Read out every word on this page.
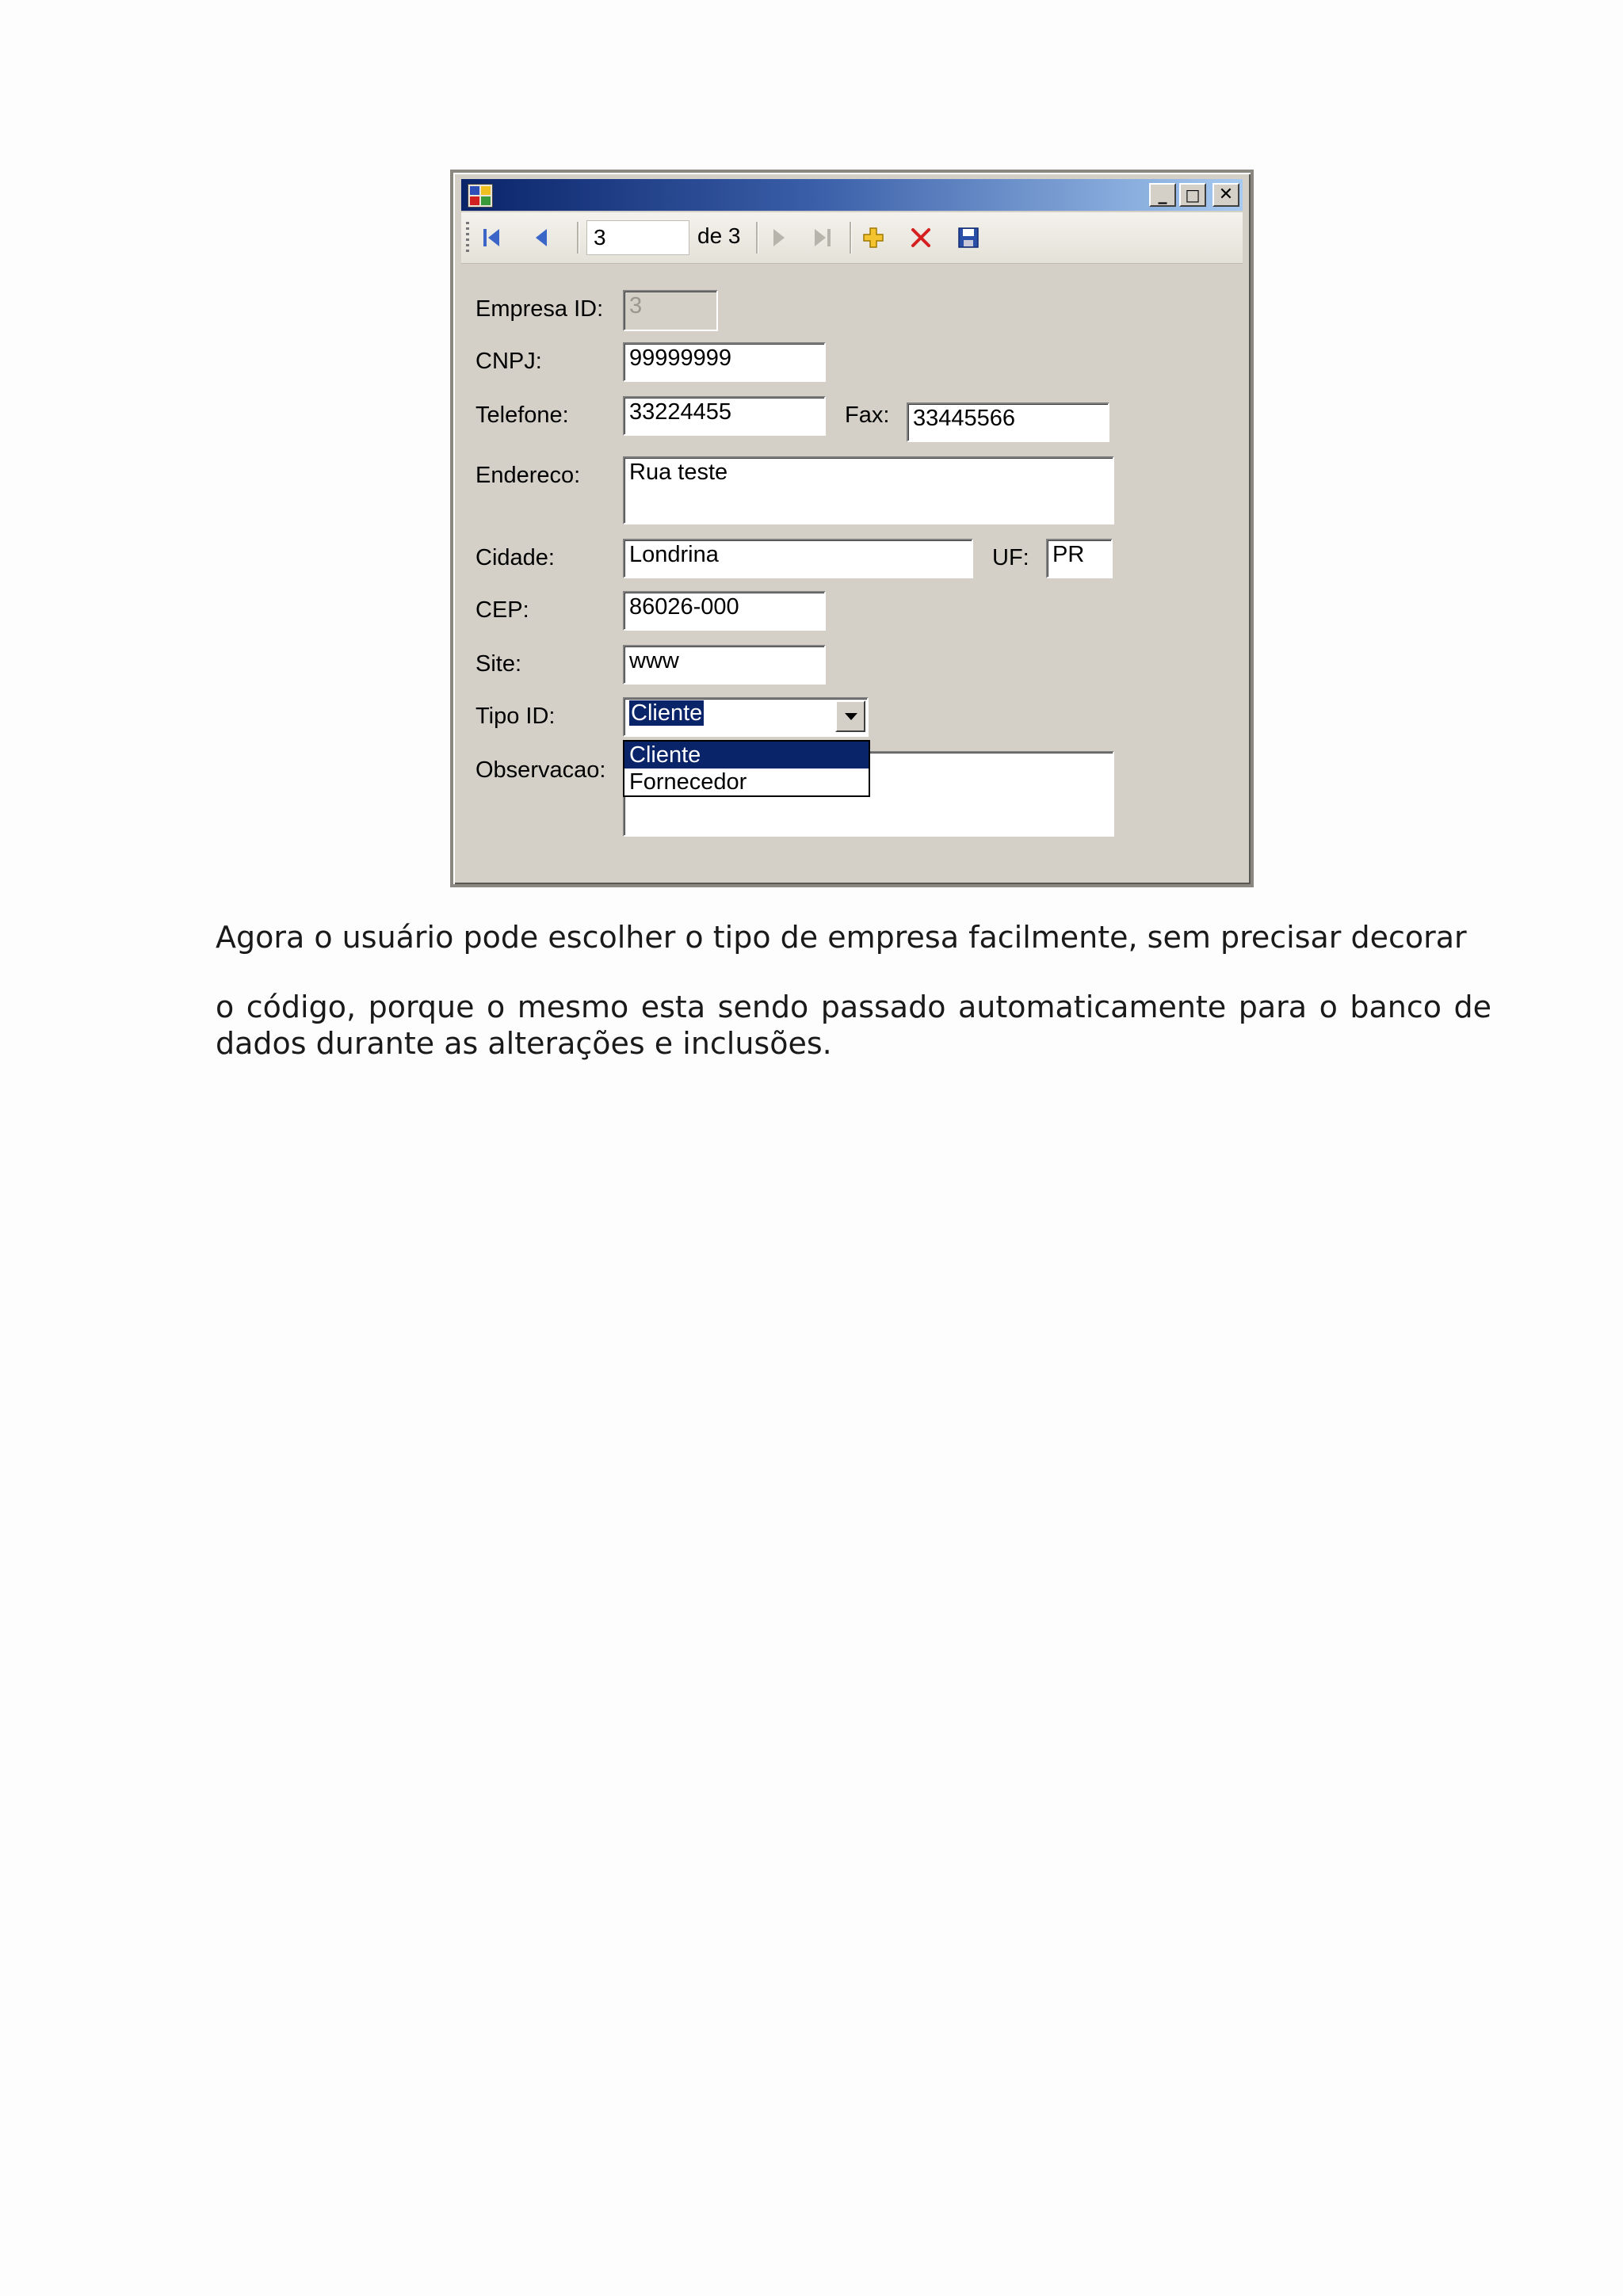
_	□	✕
3	de 3
Empresa ID: 3
CNPJ:	99999999
Telefone:	33224455	Fax: 33445566
Endereco: Rua teste
Cidade:	Londrina	UF: PR
CEP:	86026-000
Site:	www
Tipo ID:	Cliente
Observacao:
Cliente
Fornecedor
Agora o usuário pode escolher o tipo de empresa facilmente, sem precisar decorar
o código, porque o mesmo esta sendo passado automaticamente para o banco de dados durante as alterações e inclusões.
